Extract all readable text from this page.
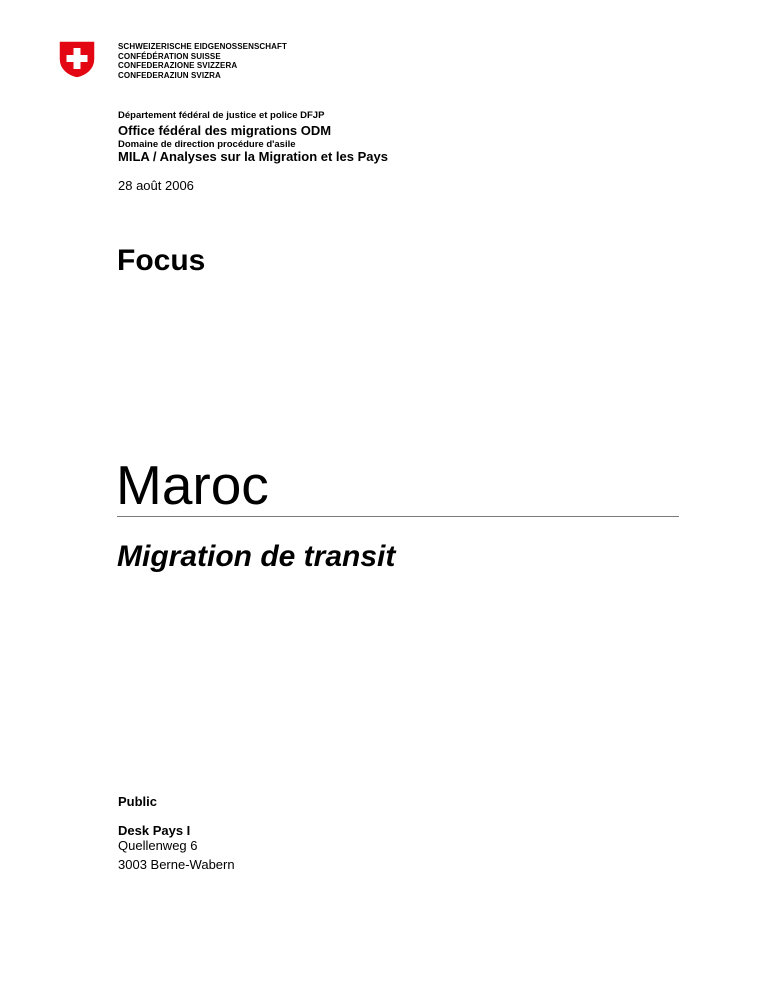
SCHWEIZERISCHE EIDGENOSSENSCHAFT
CONFÉDÉRATION SUISSE
CONFEDERAZIONE SVIZZERA
CONFEDERAZIUN SVIZRA
Département fédéral de justice et police DFJP
Office fédéral des migrations ODM
Domaine de direction procédure d'asile
MILA / Analyses sur la Migration et les Pays
28 août 2006
Focus
Maroc
Migration de transit
Public
Desk Pays I
Quellenweg 6
3003 Berne-Wabern
